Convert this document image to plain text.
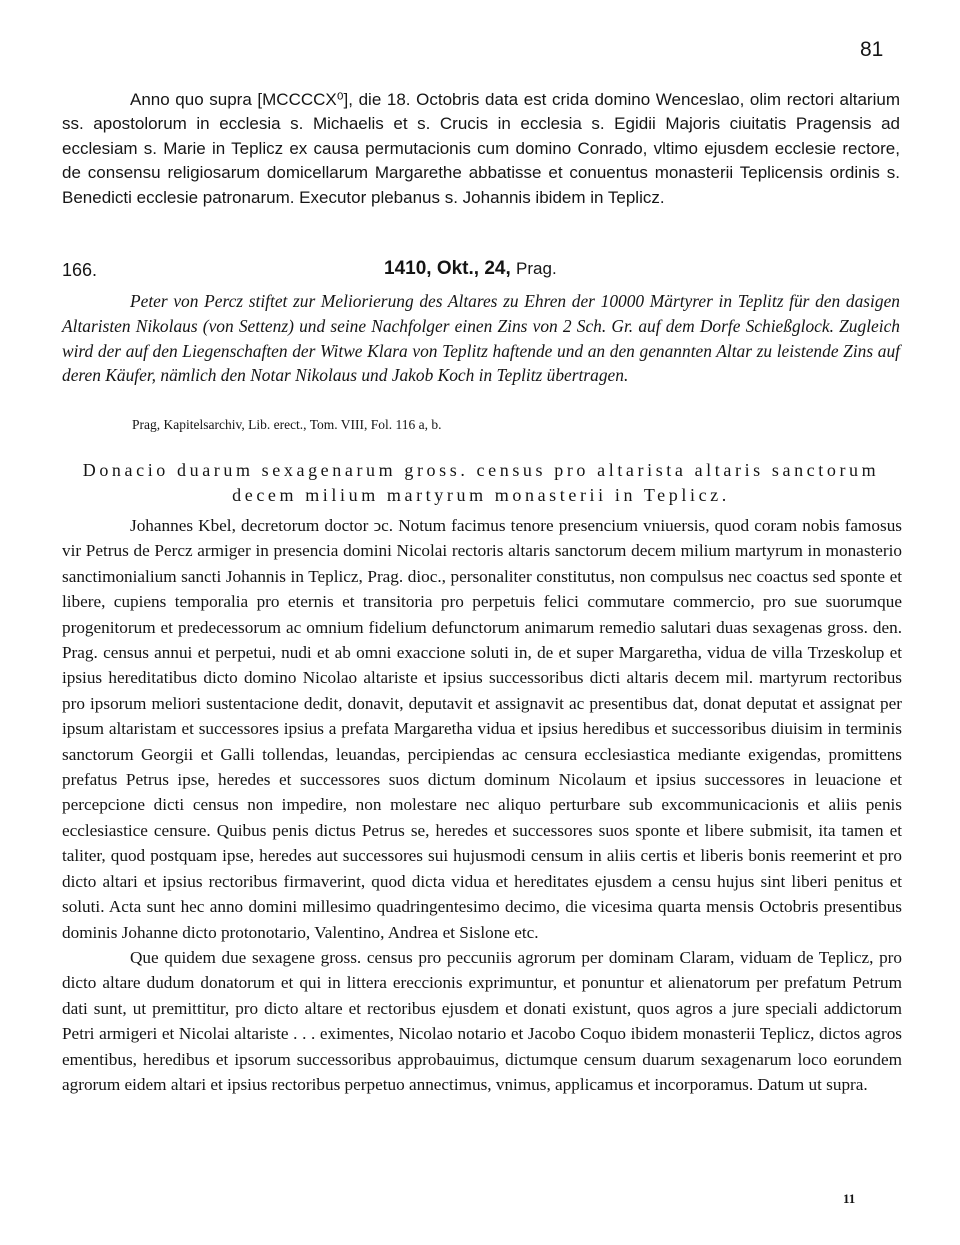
81
Anno quo supra [MCCCCX⁰], die 18. Octobris data est crida domino Wenceslao, olim rectori altarium ss. apostolorum in ecclesia s. Michaelis et s. Crucis in ecclesia s. Egidii Majoris ciuitatis Pragensis ad ecclesiam s. Marie in Teplicz ex causa permutacionis cum domino Conrado, vltimo ejusdem ecclesie rectore, de consensu religiosarum domicellarum Margarethe abbatisse et conuentus monasterii Teplicensis ordinis s. Benedicti ecclesie patronarum. Executor plebanus s. Johannis ibidem in Teplicz.
166.	1410, Okt., 24, Prag.
Peter von Percz stiftet zur Meliorierung des Altares zu Ehren der 10000 Märtyrer in Teplitz für den dasigen Altaristen Nikolaus (von Settenz) und seine Nachfolger einen Zins von 2 Sch. Gr. auf dem Dorfe Schießglock. Zugleich wird der auf den Liegenschaften der Witwe Klara von Teplitz haftende und an den genannten Altar zu leistende Zins auf deren Käufer, nämlich den Notar Nikolaus und Jakob Koch in Teplitz übertragen.
Prag, Kapitelsarchiv, Lib. erect., Tom. VIII, Fol. 116 a, b.
Donacio duarum sexagenarum gross. census pro altarista altaris sanctorum decem milium martyrum monasterii in Teplicz.

Johannes Kbel, decretorum doctor ↄc. Notum facimus tenore presencium vniuersis, quod coram nobis famosus vir Petrus de Percz armiger in presencia domini Nicolai rectoris altaris sanctorum decem milium martyrum in monasterio sanctimonialium sancti Johannis in Teplicz, Prag. dioc., personaliter constitutus, non compulsus nec coactus sed sponte et libere, cupiens temporalia pro eternis et transitoria pro perpetuis felici commutare commercio, pro sue suorumque progenitorum et predecessorum ac omnium fidelium defunctorum animarum remedio salutari duas sexagenas gross. den. Prag. census annui et perpetui, nudi et ab omni exaccione soluti in, de et super Margaretha, vidua de villa Trzeskolup et ipsius hereditatibus dicto domino Nicolao altariste et ipsius successoribus dicti altaris decem mil. martyrum rectoribus pro ipsorum meliori sustentacione dedit, donavit, deputavit et assignavit ac presentibus dat, donat deputat et assignat per ipsum altaristam et successores ipsius a prefata Margaretha vidua et ipsius heredibus et successoribus diuisim in terminis sanctorum Georgii et Galli tollendas, leuandas, percipiendas ac censura ecclesiastica mediante exigendas, promittens prefatus Petrus ipse, heredes et successores suos dictum dominum Nicolaum et ipsius successores in leuacione et percepcione dicti census non impedire, non molestare nec aliquo perturbare sub excommunicacionis et aliis penis ecclesiastice censure. Quibus penis dictus Petrus se, heredes et successores suos sponte et libere submisit, ita tamen et taliter, quod postquam ipse, heredes aut successores sui hujusmodi censum in aliis certis et liberis bonis reemerint et pro dicto altari et ipsius rectoribus firmaverint, quod dicta vidua et hereditates ejusdem a censu hujus sint liberi penitus et soluti. Acta sunt hec anno domini millesimo quadringentesimo decimo, die vicesima quarta mensis Octobris presentibus dominis Johanne dicto protonotario, Valentino, Andrea et Sislone etc.

Que quidem due sexagene gross. census pro peccuniis agrorum per dominam Claram, viduam de Teplicz, pro dicto altare dudum donatorum et qui in littera ereccionis exprimuntur, et ponuntur et alienatorum per prefatum Petrum dati sunt, ut premittitur, pro dicto altare et rectoribus ejusdem et donati existunt, quos agros a jure speciali addictorum Petri armigeri et Nicolai altariste . . . eximentes, Nicolao notario et Jacobo Coquo ibidem monasterii Teplicz, dictos agros ementibus, heredibus et ipsorum successoribus approbauimus, dictumque censum duarum sexagenarum loco eorundem agrorum eidem altari et ipsius rectoribus perpetuo annectimus, vnimus, applicamus et incorporamus. Datum ut supra.

11
